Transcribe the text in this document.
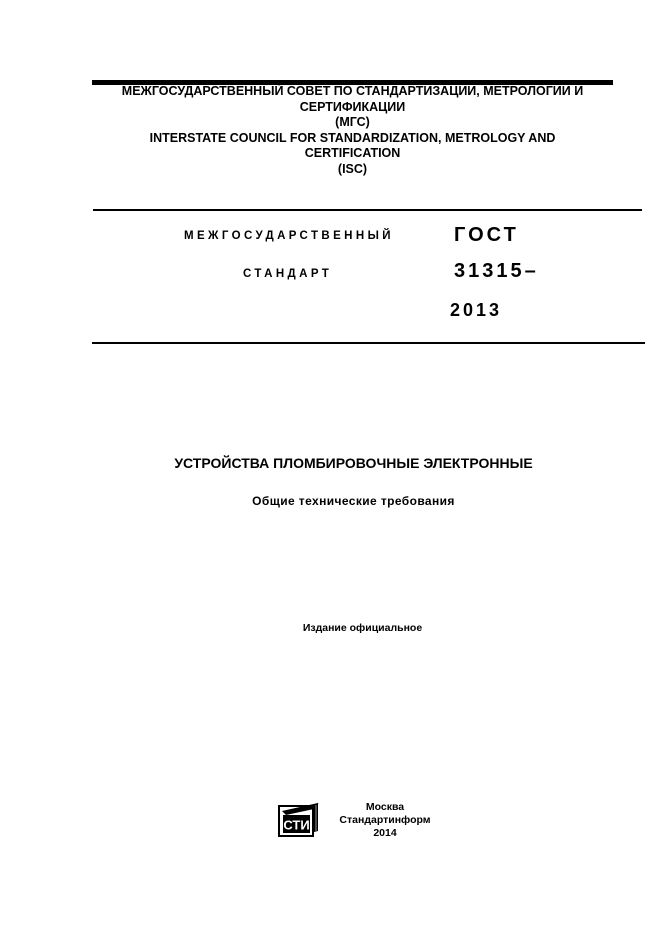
МЕЖГОСУДАРСТВЕННЫЙ СОВЕТ ПО СТАНДАРТИЗАЦИИ, МЕТРОЛОГИИ И
СЕРТИФИКАЦИИ
(МГС)
INTERSTATE COUNCIL FOR STANDARDIZATION, METROLOGY AND
CERTIFICATION
(ISC)
МЕЖГОСУДАРСТВЕННЫЙ
СТАНДАРТ
ГОСТ
31315–
2013
УСТРОЙСТВА ПЛОМБИРОВОЧНЫЕ ЭЛЕКТРОННЫЕ
Общие технические требования
Издание официальное
СТИ
Москва
Стандартинформ
2014
